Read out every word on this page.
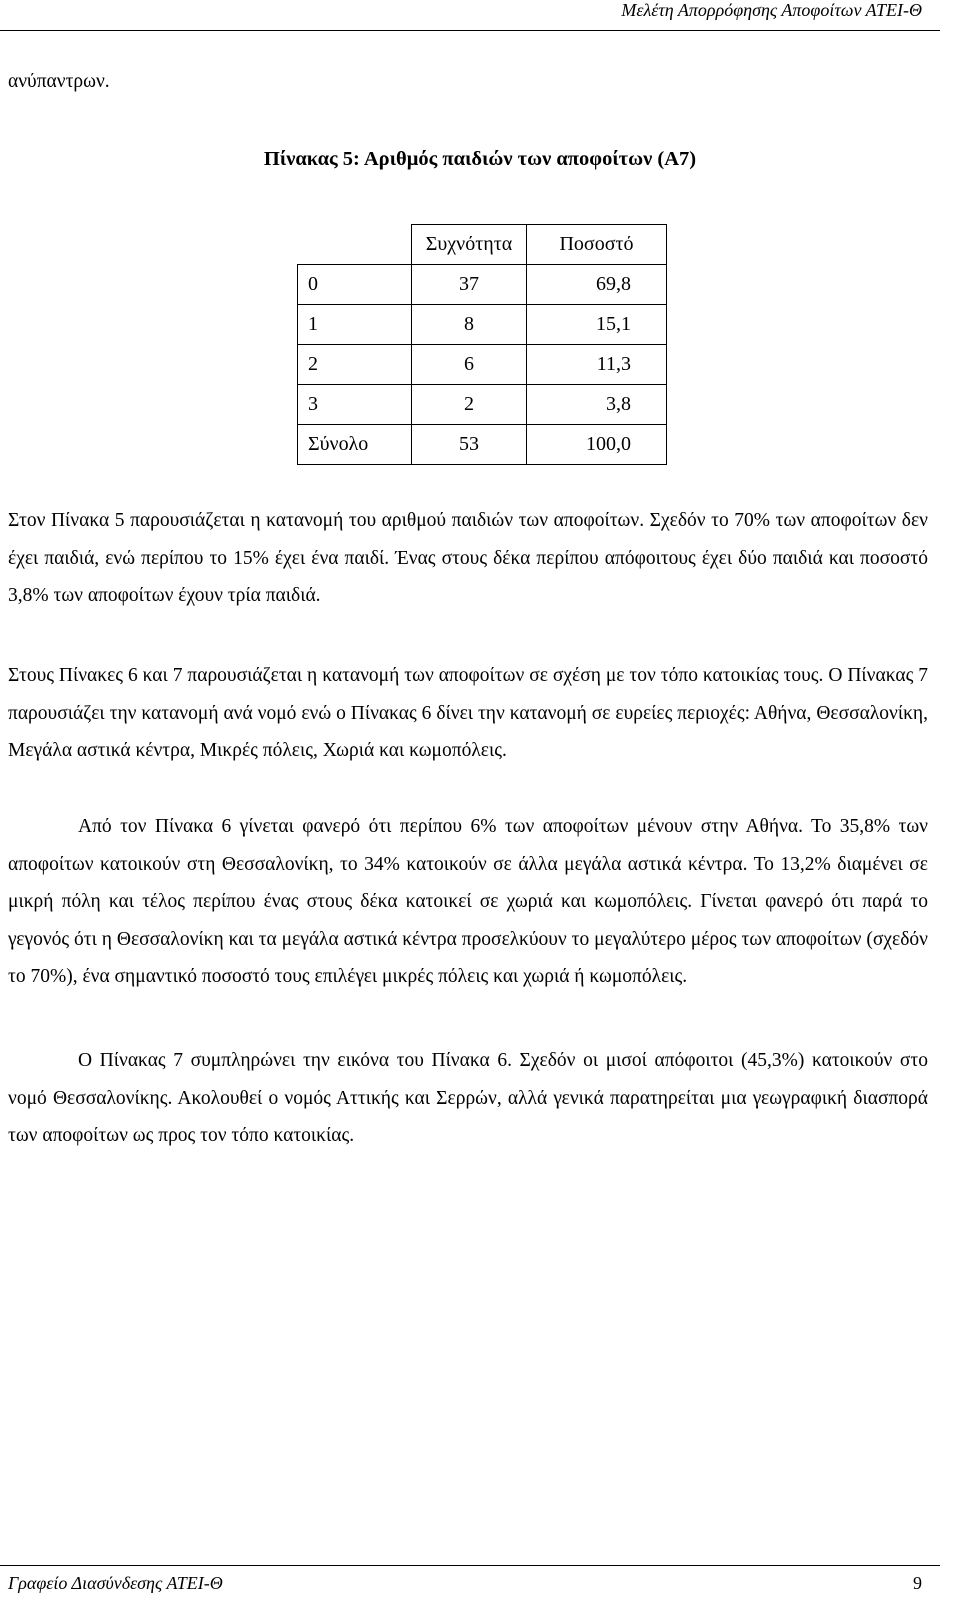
Μελέτη Απορρόφησης Αποφοίτων ΑΤΕΙ-Θ
ανύπαντρων.
Πίνακας 5: Αριθμός παιδιών των αποφοίτων (Α7)
	Συχνότητα	Ποσοστό
0	37	69,8
1	8	15,1
2	6	11,3
3	2	3,8
Σύνολο	53	100,0
Στον Πίνακα 5 παρουσιάζεται η κατανομή του αριθμού παιδιών των αποφοίτων. Σχεδόν το 70% των αποφοίτων δεν έχει παιδιά, ενώ περίπου το 15% έχει ένα παιδί. Ένας στους δέκα περίπου απόφοιτους έχει δύο παιδιά και ποσοστό 3,8% των αποφοίτων έχουν τρία παιδιά.
Στους Πίνακες 6 και 7 παρουσιάζεται η κατανομή των αποφοίτων σε σχέση με τον τόπο κατοικίας τους. Ο Πίνακας 7 παρουσιάζει την κατανομή ανά νομό ενώ ο Πίνακας 6 δίνει την κατανομή σε ευρείες περιοχές: Αθήνα, Θεσσαλονίκη, Μεγάλα αστικά κέντρα, Μικρές πόλεις, Χωριά και κωμοπόλεις.
Από τον Πίνακα 6 γίνεται φανερό ότι περίπου 6% των αποφοίτων μένουν στην Αθήνα. Το 35,8% των αποφοίτων κατοικούν στη Θεσσαλονίκη, το 34% κατοικούν σε άλλα μεγάλα αστικά κέντρα. Το 13,2% διαμένει σε μικρή πόλη και τέλος περίπου ένας στους δέκα κατοικεί σε χωριά και κωμοπόλεις. Γίνεται φανερό ότι παρά το γεγονός ότι η Θεσσαλονίκη και τα μεγάλα αστικά κέντρα προσελκύουν το μεγαλύτερο μέρος των αποφοίτων (σχεδόν το 70%), ένα σημαντικό ποσοστό τους επιλέγει μικρές πόλεις και χωριά ή κωμοπόλεις.
Ο Πίνακας 7 συμπληρώνει την εικόνα του Πίνακα 6. Σχεδόν οι μισοί απόφοιτοι (45,3%) κατοικούν στο νομό Θεσσαλονίκης. Ακολουθεί ο νομός Αττικής και Σερρών, αλλά γενικά παρατηρείται μια γεωγραφική διασπορά των αποφοίτων ως προς τον τόπο κατοικίας.
Γραφείο Διασύνδεσης ΑΤΕΙ-Θ	9
